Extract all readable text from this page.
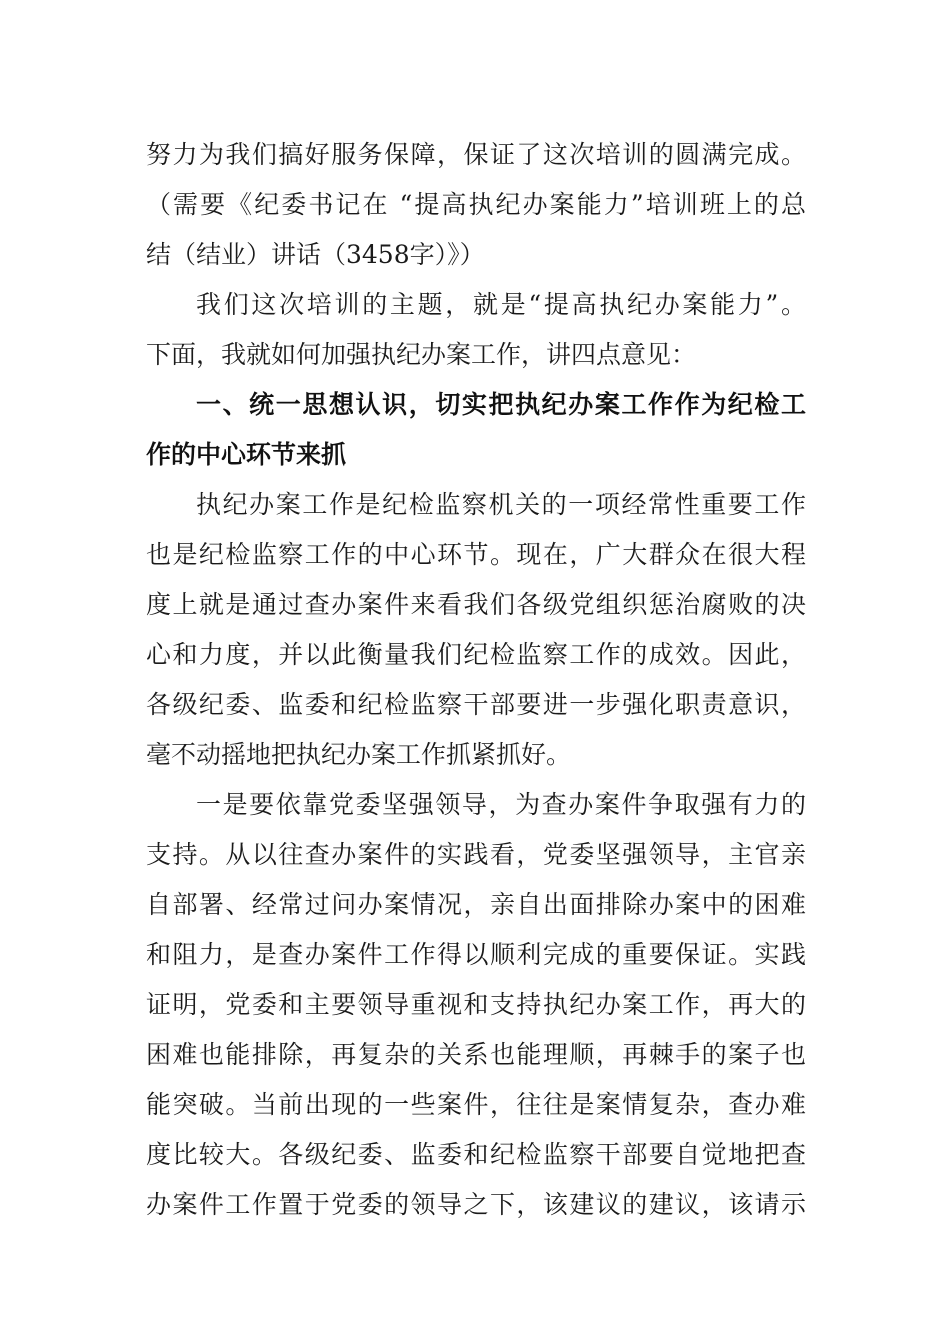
努力为我们搞好服务保障，保证了这次培训的圆满完成。
（需要《纪委书记在 “提高执纪办案能力”培训班上的总
结（结业）讲话（3458字）》）
我们这次培训的主题，就是“提高执纪办案能力”。
下面，我就如何加强执纪办案工作，讲四点意见：
一、统一思想认识，切实把执纪办案工作作为纪检工
作的中心环节来抓
执纪办案工作是纪检监察机关的一项经常性重要工作
也是纪检监察工作的中心环节。现在，广大群众在很大程
度上就是通过查办案件来看我们各级党组织惩治腐败的决
心和力度，并以此衡量我们纪检监察工作的成效。因此，
各级纪委、监委和纪检监察干部要进一步强化职责意识，
毫不动摇地把执纪办案工作抓紧抓好。
一是要依靠党委坚强领导，为查办案件争取强有力的
支持。从以往查办案件的实践看，党委坚强领导，主官亲
自部署、经常过问办案情况，亲自出面排除办案中的困难
和阻力，是查办案件工作得以顺利完成的重要保证。实践
证明，党委和主要领导重视和支持执纪办案工作，再大的
困难也能排除，再复杂的关系也能理顺，再棘手的案子也
能突破。当前出现的一些案件，往往是案情复杂，查办难
度比较大。各级纪委、监委和纪检监察干部要自觉地把查
办案件工作置于党委的领导之下，该建议的建议，该请示
